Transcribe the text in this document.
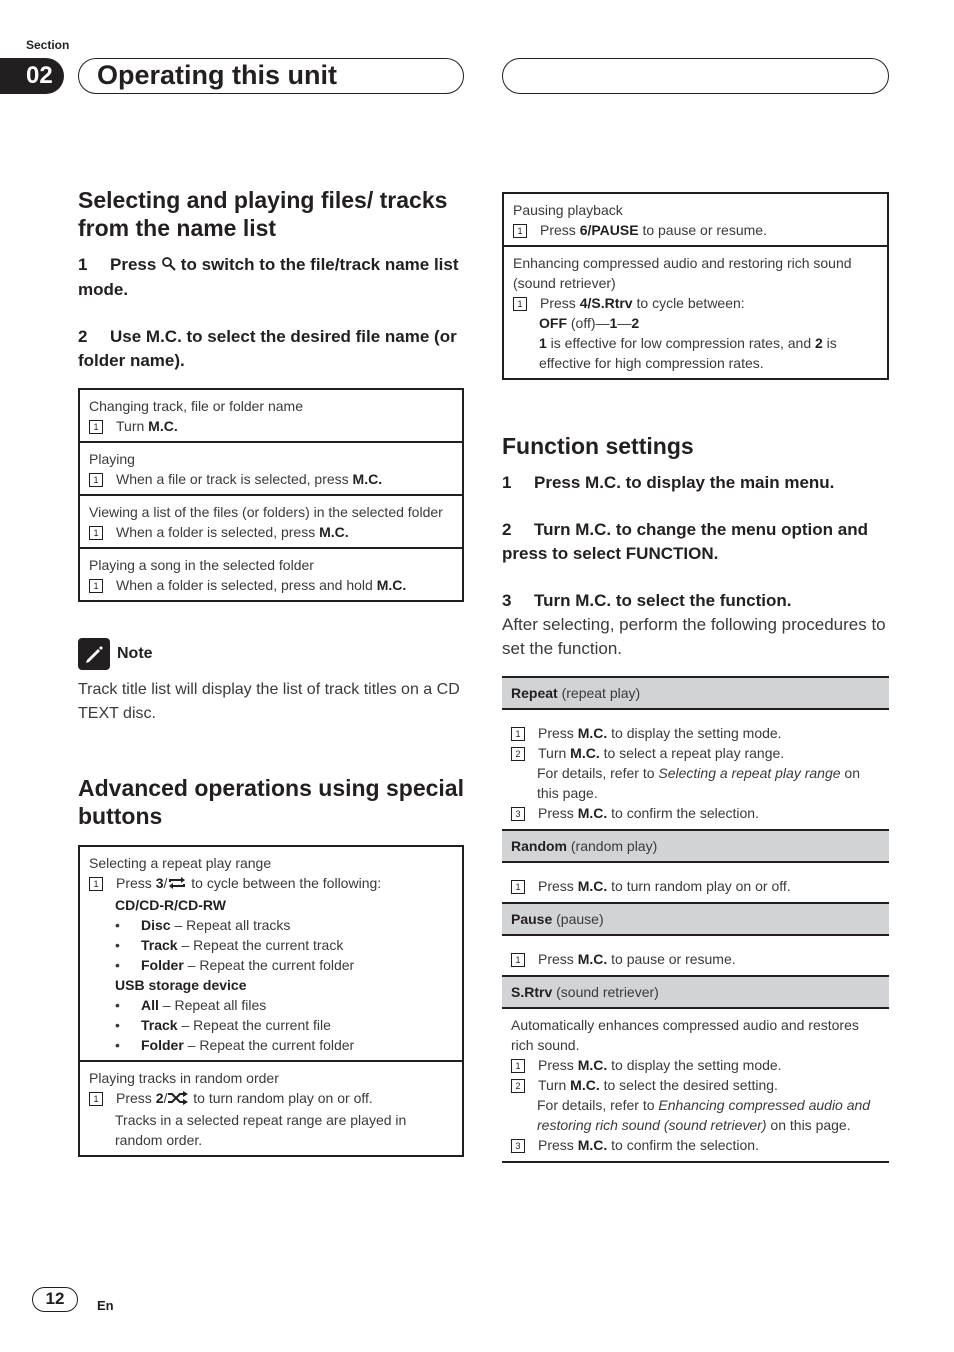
Section
02	Operating this unit
Selecting and playing files/ tracks from the name list

1 Press to switch to the file/track name list mode.

2 Use M.C. to select the desired file name (or folder name).

Changing track, file or folder name
1	Turn M.C.
Playing
1	When a file or track is selected, press M.C.
Viewing a list of the files (or folders) in the selected folder
1	When a folder is selected, press M.C.
Playing a song in the selected folder
1	When a folder is selected, press and hold M.C.
Note

Track title list will display the list of track titles on a CD TEXT disc.

Advanced operations using special buttons
Selecting a repeat play range
1	Press 3/ to cycle between the following:
CD/CD-R/CD-RW
•	Disc – Repeat all tracks
•	Track – Repeat the current track
•	Folder – Repeat the current folder
USB storage device
•	All – Repeat all files
•	Track – Repeat the current file
•	Folder – Repeat the current folder
Playing tracks in random order
1	Press 2/ to turn random play on or off.
Tracks in a selected repeat range are played in random order.
Pausing playback
1	Press 6/PAUSE to pause or resume.
Enhancing compressed audio and restoring rich sound (sound retriever)
1	Press 4/S.Rtrv to cycle between:
OFF (off)—1—2
1 is effective for low compression rates, and 2 is effective for high compression rates.
Function settings

1 Press M.C. to display the main menu.

2 Turn M.C. to change the menu option and press to select FUNCTION.

3 Turn M.C. to select the function.

After selecting, perform the following procedures to set the function.

Repeat (repeat play)
1	Press M.C. to display the setting mode.
2	Turn M.C. to select a repeat play range.
For details, refer to Selecting a repeat play range on this page.
3	Press M.C. to confirm the selection.
Random (random play)
1	Press M.C. to turn random play on or off.
Pause (pause)
1	Press M.C. to pause or resume.
S.Rtrv (sound retriever)
Automatically enhances compressed audio and restores rich sound.
1	Press M.C. to display the setting mode.
2	Turn M.C. to select the desired setting.
For details, refer to Enhancing compressed audio and restoring rich sound (sound retriever) on this page.
3	Press M.C. to confirm the selection.
12	En
